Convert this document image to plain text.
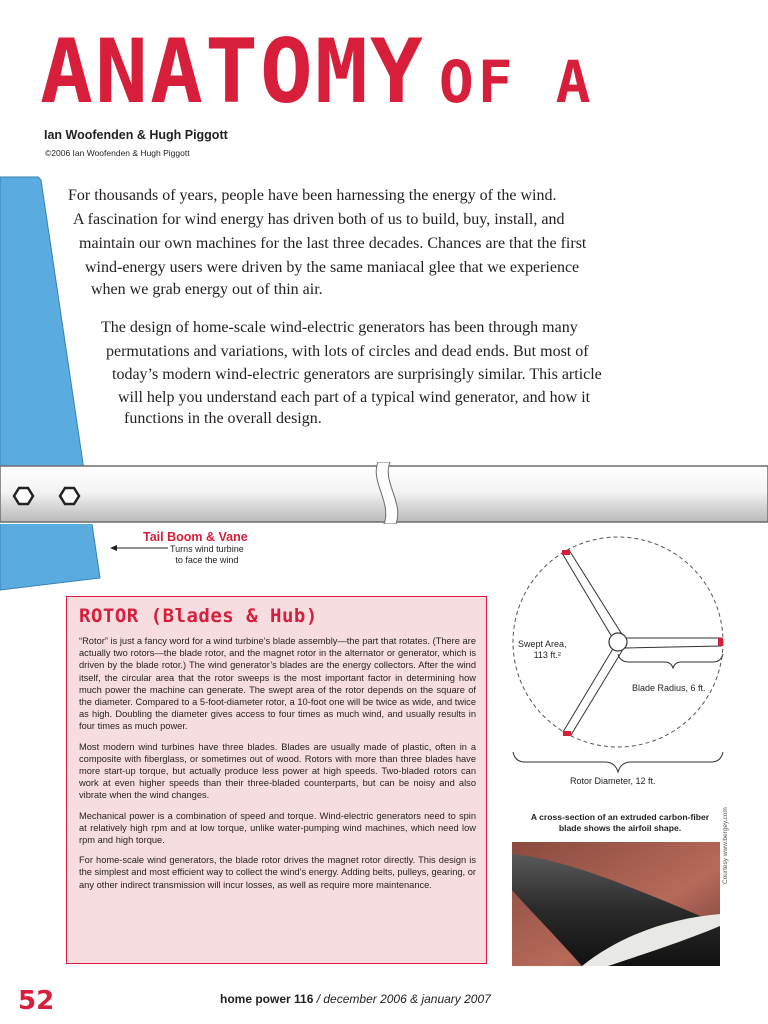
ANATOMY OF A
Ian Woofenden & Hugh Piggott
©2006 Ian Woofenden & Hugh Piggott
For thousands of years, people have been harnessing the energy of the wind.
A fascination for wind energy has driven both of us to build, buy, install, and
maintain our own machines for the last three decades. Chances are that the first
wind-energy users were driven by the same maniacal glee that we experience
when we grab energy out of thin air.
The design of home-scale wind-electric generators has been through many
permutations and variations, with lots of circles and dead ends. But most of
today’s modern wind-electric generators are surprisingly similar. This article
will help you understand each part of a typical wind generator, and how it
functions in the overall design.
Tail Boom & Vane
Turns wind turbine
to face the wind
Swept Area,
113 ft.²
Blade Radius, 6 ft.
Rotor Diameter, 12 ft.
A cross-section of an extruded carbon-fiber
blade shows the airfoil shape.	Courtesy www.bergey.com
ROTOR (Blades & Hub)

“Rotor” is just a fancy word for a wind turbine’s blade assembly—the part that rotates. (There are actually two rotors—the blade rotor, and the magnet rotor in the alternator or generator, which is driven by the blade rotor.) The wind generator’s blades are the energy collectors. After the wind itself, the circular area that the rotor sweeps is the most important factor in determining how much power the machine can generate. The swept area of the rotor depends on the square of the diameter. Compared to a 5-foot-diameter rotor, a 10-foot one will be twice as wide, and twice as high. Doubling the diameter gives access to four times as much wind, and usually results in four times as much power.

Most modern wind turbines have three blades. Blades are usually made of plastic, often in a composite with fiberglass, or sometimes out of wood. Rotors with more than three blades have more start-up torque, but actually produce less power at high speeds. Two-bladed rotors can work at even higher speeds than their three-bladed counterparts, but can be noisy and also vibrate when the wind changes.

Mechanical power is a combination of speed and torque. Wind-electric generators need to spin at relatively high rpm and at low torque, unlike water-pumping wind machines, which need low rpm and high torque.

For home-scale wind generators, the blade rotor drives the magnet rotor directly. This design is the simplest and most efficient way to collect the wind’s energy. Adding belts, pulleys, gearing, or any other indirect transmission will incur losses, as well as require more maintenance.

52	home power 116 / december 2006 & january 2007
